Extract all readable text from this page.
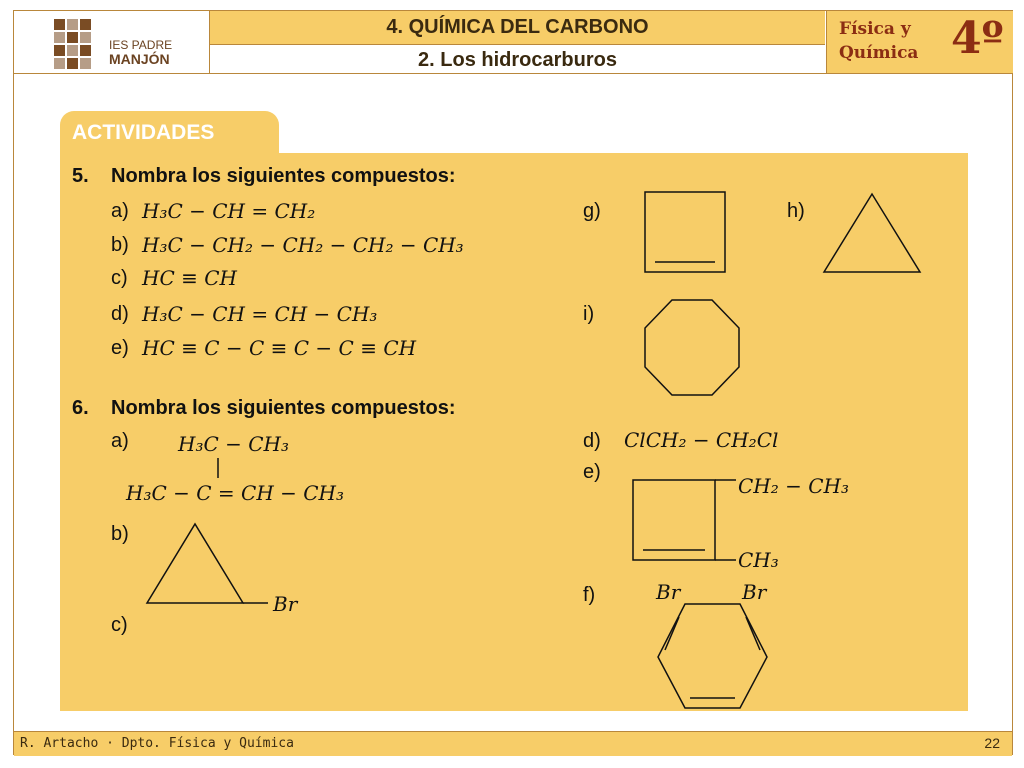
IES PADRE
MANJÓN
4. QUÍMICA DEL CARBONO
2. Los hidrocarburos
Física y Química 4º
ACTIVIDADES
5. Nombra los siguientes compuestos:
a) H₃C − CH = CH₂
b) H₃C − CH₂ − CH₂ − CH₂ − CH₃
c) HC ≡ CH
d) H₃C − CH = CH − CH₃
e) HC ≡ C − C ≡ C − C ≡ CH
g)	h)
i)
6. Nombra los siguientes compuestos:
a) H₃C − CH₃
H₃C − C = CH − CH₃
b)
Br
c)
d) ClCH₂ − CH₂Cl
e)
CH₂ − CH₃
CH₃
f)	Br	Br
R. Artacho · Dpto. Física y Química	22
